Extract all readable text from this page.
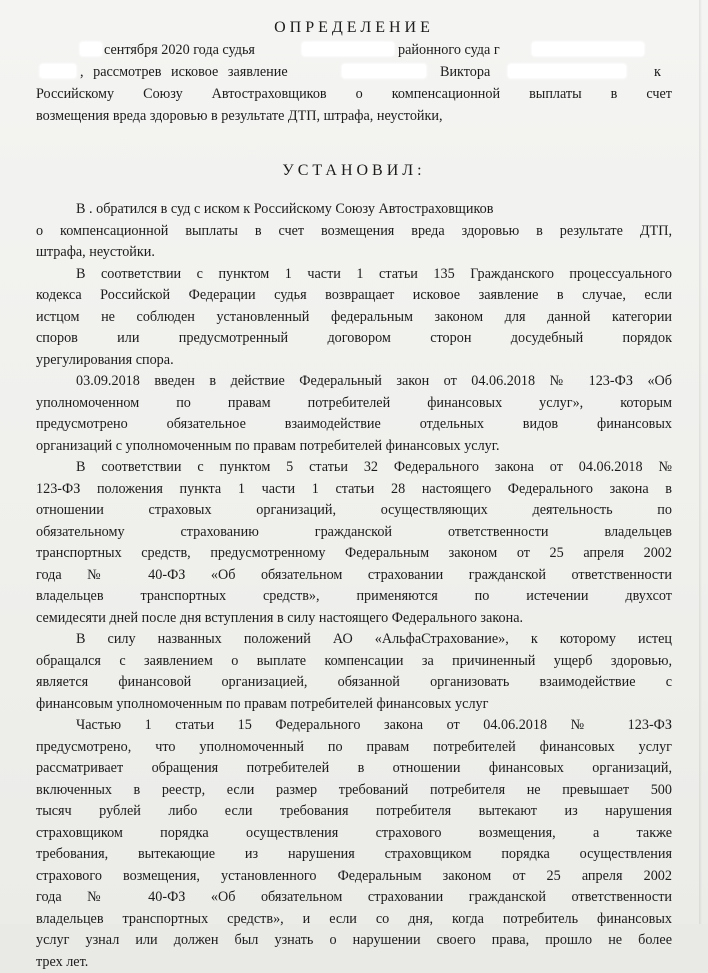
ОПРЕДЕЛЕНИЕ
сентября 2020 года судья	районного суда г
, рассмотрев исковое заявление	Виктора	к
Российскому Союзу Автостраховщиков о компенсационной выплаты в счет
возмещения вреда здоровью в результате ДТП, штрафа, неустойки,
УСТАНОВИЛ:
В . обратился в суд с иском к Российскому Союзу Автостраховщиков
о компенсационной выплаты в счет возмещения вреда здоровью в результате ДТП,
штрафа, неустойки.
В соответствии с пунктом 1 части 1 статьи 135 Гражданского процессуального
кодекса Российской Федерации судья возвращает исковое заявление в случае, если
истцом не соблюден установленный федеральным законом для данной категории
споров или предусмотренный договором сторон досудебный порядок
урегулирования спора.
03.09.2018 введен в действие Федеральный закон от 04.06.2018 № 123-ФЗ «Об
уполномоченном по правам потребителей финансовых услуг», которым
предусмотрено обязательное взаимодействие отдельных видов финансовых
организаций с уполномоченным по правам потребителей финансовых услуг.
В соответствии с пунктом 5 статьи 32 Федерального закона от 04.06.2018 №
123-ФЗ положения пункта 1 части 1 статьи 28 настоящего Федерального закона в
отношении страховых организаций, осуществляющих деятельность по
обязательному страхованию гражданской ответственности владельцев
транспортных средств, предусмотренному Федеральным законом от 25 апреля 2002
года № 40-ФЗ «Об обязательном страховании гражданской ответственности
владельцев транспортных средств», применяются по истечении двухсот
семидесяти дней после дня вступления в силу настоящего Федерального закона.
В силу названных положений АО «АльфаСтрахование», к которому истец
обращался с заявлением о выплате компенсации за причиненный ущерб здоровью,
является финансовой организацией, обязанной организовать взаимодействие с
финансовым уполномоченным по правам потребителей финансовых услуг
Частью 1 статьи 15 Федерального закона от 04.06.2018 № 123-ФЗ
предусмотрено, что уполномоченный по правам потребителей финансовых услуг
рассматривает обращения потребителей в отношении финансовых организаций,
включенных в реестр, если размер требований потребителя не превышает 500
тысяч рублей либо если требования потребителя вытекают из нарушения
страховщиком порядка осуществления страхового возмещения, а также
требования, вытекающие из нарушения страховщиком порядка осуществления
страхового возмещения, установленного Федеральным законом от 25 апреля 2002
года № 40-ФЗ «Об обязательном страховании гражданской ответственности
владельцев транспортных средств», и если со дня, когда потребитель финансовых
услуг узнал или должен был узнать о нарушении своего права, прошло не более
трех лет.
